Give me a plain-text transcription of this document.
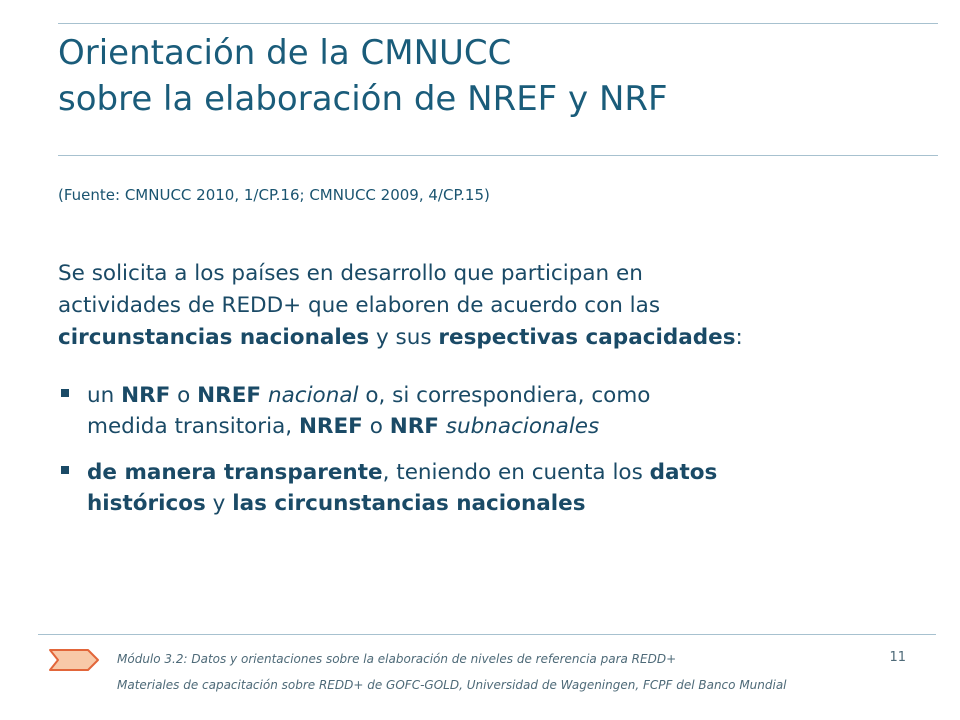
Orientación de la CMNUCC
sobre la elaboración de NREF y NRF
(Fuente: CMNUCC 2010, 1/CP.16; CMNUCC 2009, 4/CP.15)
Se solicita a los países en desarrollo que participan en
actividades de REDD+ que elaboren de acuerdo con las
circunstancias nacionales y sus respectivas capacidades:
un NRF o NREF nacional o, si correspondiera, como
medida transitoria, NREF o NRF subnacionales
de manera transparente, teniendo en cuenta los datos
históricos y las circunstancias nacionales
Módulo 3.2: Datos y orientaciones sobre la elaboración de niveles de referencia para REDD+
Materiales de capacitación sobre REDD+ de GOFC-GOLD, Universidad de Wageningen, FCPF del Banco Mundial
11
